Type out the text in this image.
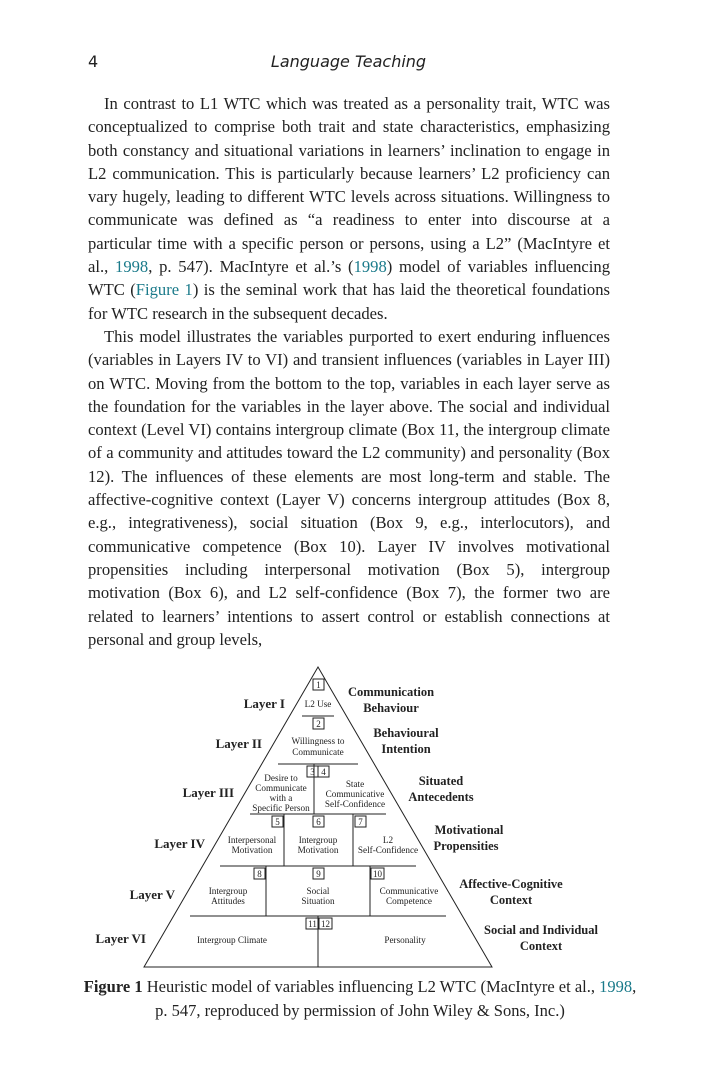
4	Language Teaching

In contrast to L1 WTC which was treated as a personality trait, WTC was conceptualized to comprise both trait and state characteristics, emphasizing both constancy and situational variations in learners’ inclination to engage in L2 communication. This is particularly because learners’ L2 proficiency can vary hugely, leading to different WTC levels across situations. Willingness to communicate was defined as “a readiness to enter into discourse at a particular time with a specific person or persons, using a L2” (MacIntyre et al., 1998, p. 547). MacIntyre et al.’s (1998) model of variables influencing WTC (Figure 1) is the seminal work that has laid the theoretical foundations for WTC research in the subsequent decades.

This model illustrates the variables purported to exert enduring influences (variables in Layers IV to VI) and transient influences (variables in Layer III) on WTC. Moving from the bottom to the top, variables in each layer serve as the foundation for the variables in the layer above. The social and individual context (Level VI) contains intergroup climate (Box 11, the intergroup climate of a community and attitudes toward the L2 community) and personality (Box 12). The influences of these elements are most long-term and stable. The affective-cognitive context (Layer V) concerns intergroup attitudes (Box 8, e.g., integrativeness), social situation (Box 9, e.g., interlocutors), and communicative competence (Box 10). Layer IV involves motivational propensities including interpersonal motivation (Box 5), intergroup motivation (Box 6), and L2 self-confidence (Box 7), the former two are related to learners’ intentions to assert control or establish connections at personal and group levels,

1
2
3 4
5	6	7
8	9	10
11 12
L2 Use
Willingness to
Communicate
Desire to
Communicate
with a
Specific Person
State
Communicative
Self-Confidence
Interpersonal
Motivation
Intergroup
Motivation
L2
Self-Confidence
Intergroup
Attitudes
Social
Situation
Communicative
Competence
Intergroup Climate	Personality
Layer I
Layer II
Layer III
Layer IV
Layer V
Layer VI
Communication
Behaviour
Behavioural
Intention
Situated
Antecedents
Motivational
Propensities
Affective-Cognitive
Context
Social and Individual
Context
Figure 1 Heuristic model of variables influencing L2 WTC (MacIntyre et al., 1998, p. 547, reproduced by permission of John Wiley & Sons, Inc.)
